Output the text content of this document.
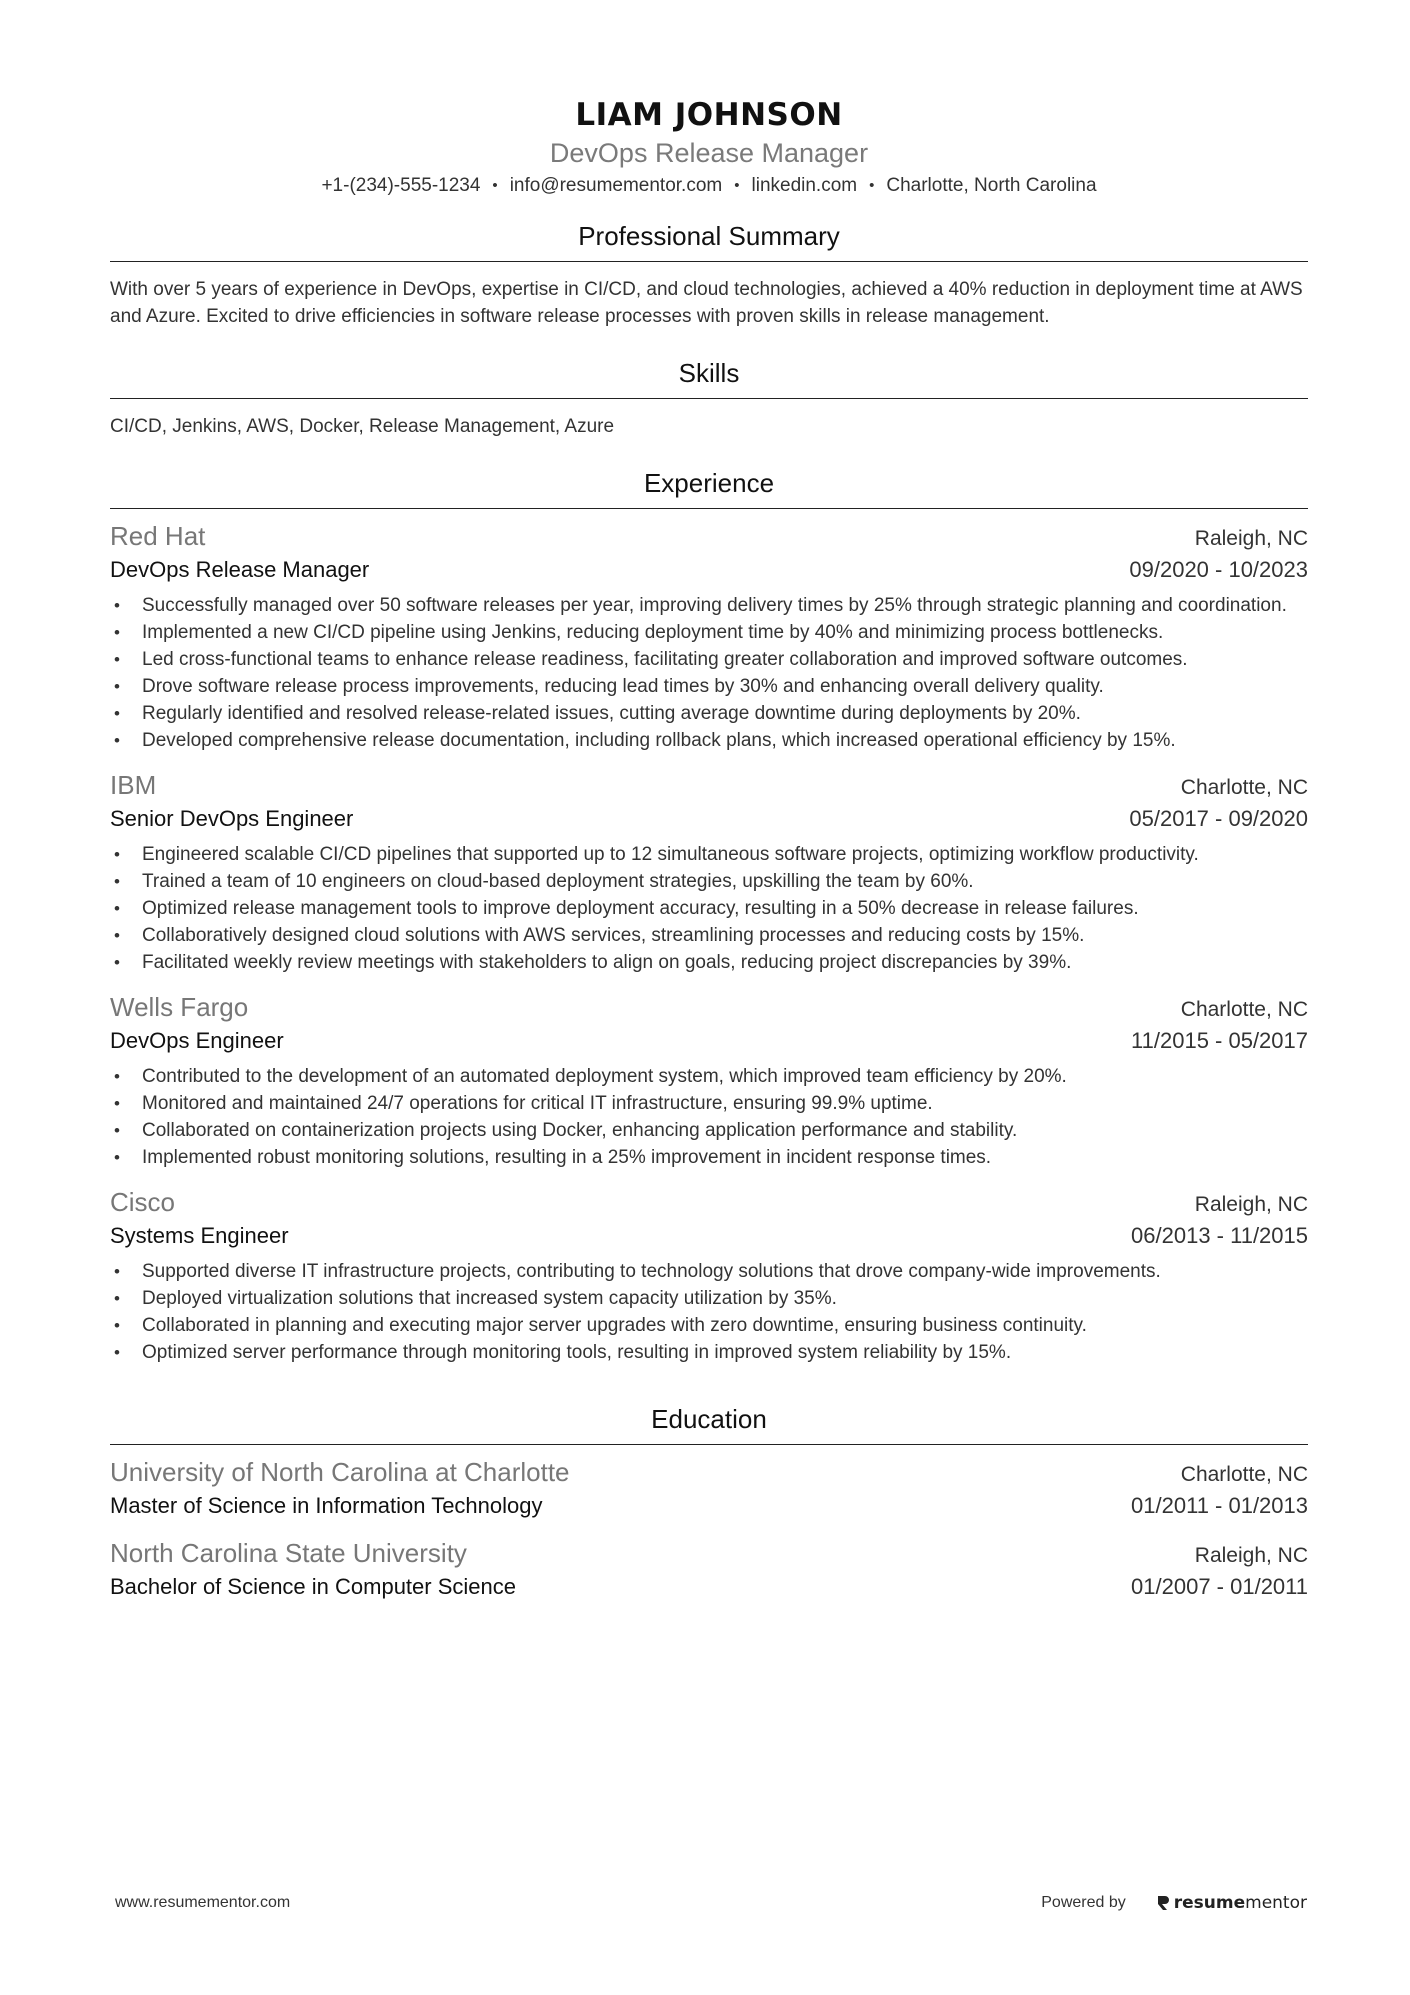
LIAM JOHNSON
DevOps Release Manager
+1-(234)-555-1234 • info@resumementor.com • linkedin.com • Charlotte, North Carolina
Professional Summary

With over 5 years of experience in DevOps, expertise in CI/CD, and cloud technologies, achieved a 40% reduction in deployment time at AWS and Azure. Excited to drive efficiencies in software release processes with proven skills in release management.

Skills

CI/CD, Jenkins, AWS, Docker, Release Management, Azure

Experience
Red Hat	Raleigh, NC
DevOps Release Manager	09/2020 - 10/2023
• Successfully managed over 50 software releases per year, improving delivery times by 25% through strategic planning and coordination.
• Implemented a new CI/CD pipeline using Jenkins, reducing deployment time by 40% and minimizing process bottlenecks.
• Led cross-functional teams to enhance release readiness, facilitating greater collaboration and improved software outcomes.
• Drove software release process improvements, reducing lead times by 30% and enhancing overall delivery quality.
• Regularly identified and resolved release-related issues, cutting average downtime during deployments by 20%.
• Developed comprehensive release documentation, including rollback plans, which increased operational efficiency by 15%.
IBM	Charlotte, NC
Senior DevOps Engineer	05/2017 - 09/2020
• Engineered scalable CI/CD pipelines that supported up to 12 simultaneous software projects, optimizing workflow productivity.
• Trained a team of 10 engineers on cloud-based deployment strategies, upskilling the team by 60%.
• Optimized release management tools to improve deployment accuracy, resulting in a 50% decrease in release failures.
• Collaboratively designed cloud solutions with AWS services, streamlining processes and reducing costs by 15%.
• Facilitated weekly review meetings with stakeholders to align on goals, reducing project discrepancies by 39%.
Wells Fargo	Charlotte, NC
DevOps Engineer	11/2015 - 05/2017
• Contributed to the development of an automated deployment system, which improved team efficiency by 20%.
• Monitored and maintained 24/7 operations for critical IT infrastructure, ensuring 99.9% uptime.
• Collaborated on containerization projects using Docker, enhancing application performance and stability.
• Implemented robust monitoring solutions, resulting in a 25% improvement in incident response times.
Cisco	Raleigh, NC
Systems Engineer	06/2013 - 11/2015
• Supported diverse IT infrastructure projects, contributing to technology solutions that drove company-wide improvements.
• Deployed virtualization solutions that increased system capacity utilization by 35%.
• Collaborated in planning and executing major server upgrades with zero downtime, ensuring business continuity.
• Optimized server performance through monitoring tools, resulting in improved system reliability by 15%.
Education
University of North Carolina at Charlotte	Charlotte, NC
Master of Science in Information Technology	01/2011 - 01/2013
North Carolina State University	Raleigh, NC
Bachelor of Science in Computer Science	01/2007 - 01/2011
www.resumementor.com	Powered by	resume mentor
